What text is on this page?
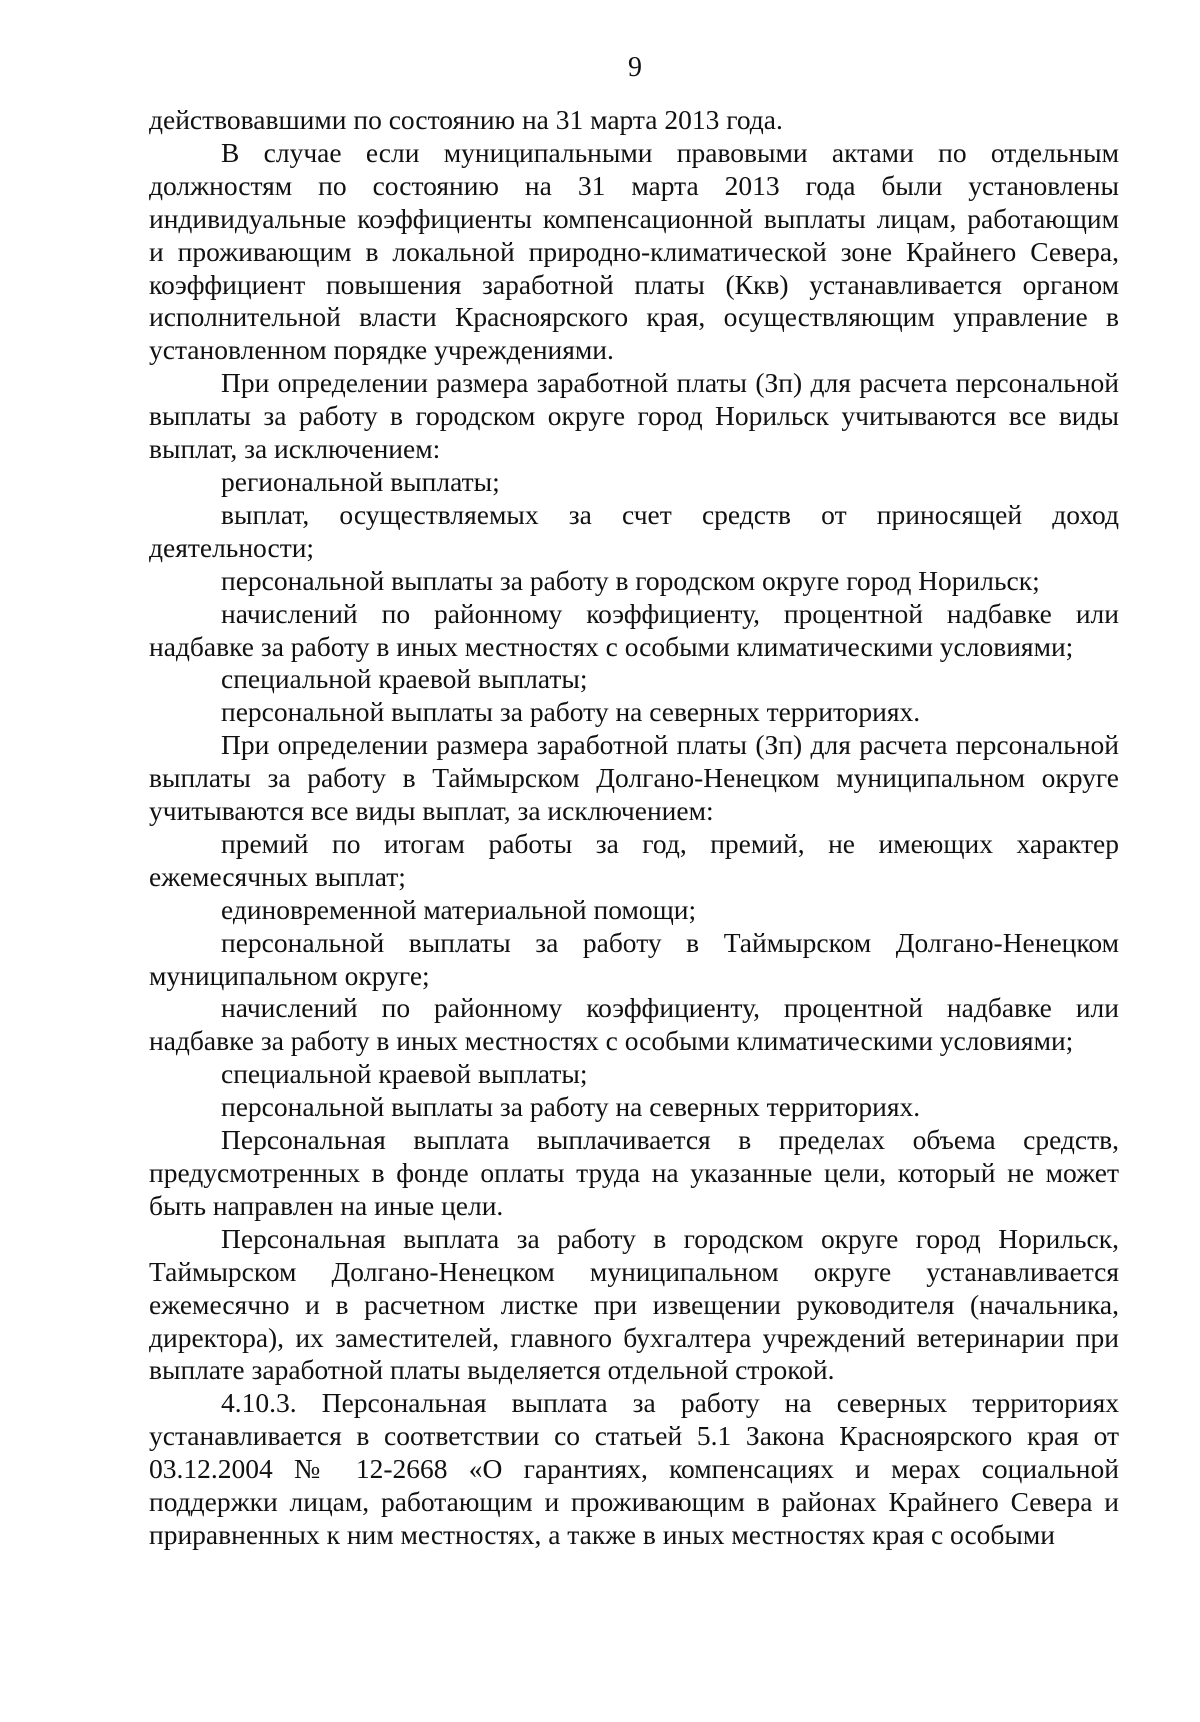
9

действовавшими по состоянию на 31 марта 2013 года.

В случае если муниципальными правовыми актами по отдельным должностям по состоянию на 31 марта 2013 года были установлены индивидуальные коэффициенты компенсационной выплаты лицам, работающим и проживающим в локальной природно-климатической зоне Крайнего Севера, коэффициент повышения заработной платы (Ккв) устанавливается органом исполнительной власти Красноярского края, осуществляющим управление в установленном порядке учреждениями.

При определении размера заработной платы (Зп) для расчета персональной выплаты за работу в городском округе город Норильск учитываются все виды выплат, за исключением:

региональной выплаты;

выплат, осуществляемых за счет средств от приносящей доход деятельности;

персональной выплаты за работу в городском округе город Норильск;

начислений по районному коэффициенту, процентной надбавке или надбавке за работу в иных местностях с особыми климатическими условиями;

специальной краевой выплаты;

персональной выплаты за работу на северных территориях.

При определении размера заработной платы (Зп) для расчета персональной выплаты за работу в Таймырском Долгано-Ненецком муниципальном округе учитываются все виды выплат, за исключением:

премий по итогам работы за год, премий, не имеющих характер ежемесячных выплат;

единовременной материальной помощи;

персональной выплаты за работу в Таймырском Долгано-Ненецком муниципальном округе;

начислений по районному коэффициенту, процентной надбавке или надбавке за работу в иных местностях с особыми климатическими условиями;

специальной краевой выплаты;

персональной выплаты за работу на северных территориях.

Персональная выплата выплачивается в пределах объема средств, предусмотренных в фонде оплаты труда на указанные цели, который не может быть направлен на иные цели.

Персональная выплата за работу в городском округе город Норильск, Таймырском Долгано-Ненецком муниципальном округе устанавливается ежемесячно и в расчетном листке при извещении руководителя (начальника, директора), их заместителей, главного бухгалтера учреждений ветеринарии при выплате заработной платы выделяется отдельной строкой.

4.10.3. Персональная выплата за работу на северных территориях устанавливается в соответствии со статьей 5.1 Закона Красноярского края от 03.12.2004 № 12-2668 «О гарантиях, компенсациях и мерах социальной поддержки лицам, работающим и проживающим в районах Крайнего Севера и приравненных к ним местностях, а также в иных местностях края с особыми
